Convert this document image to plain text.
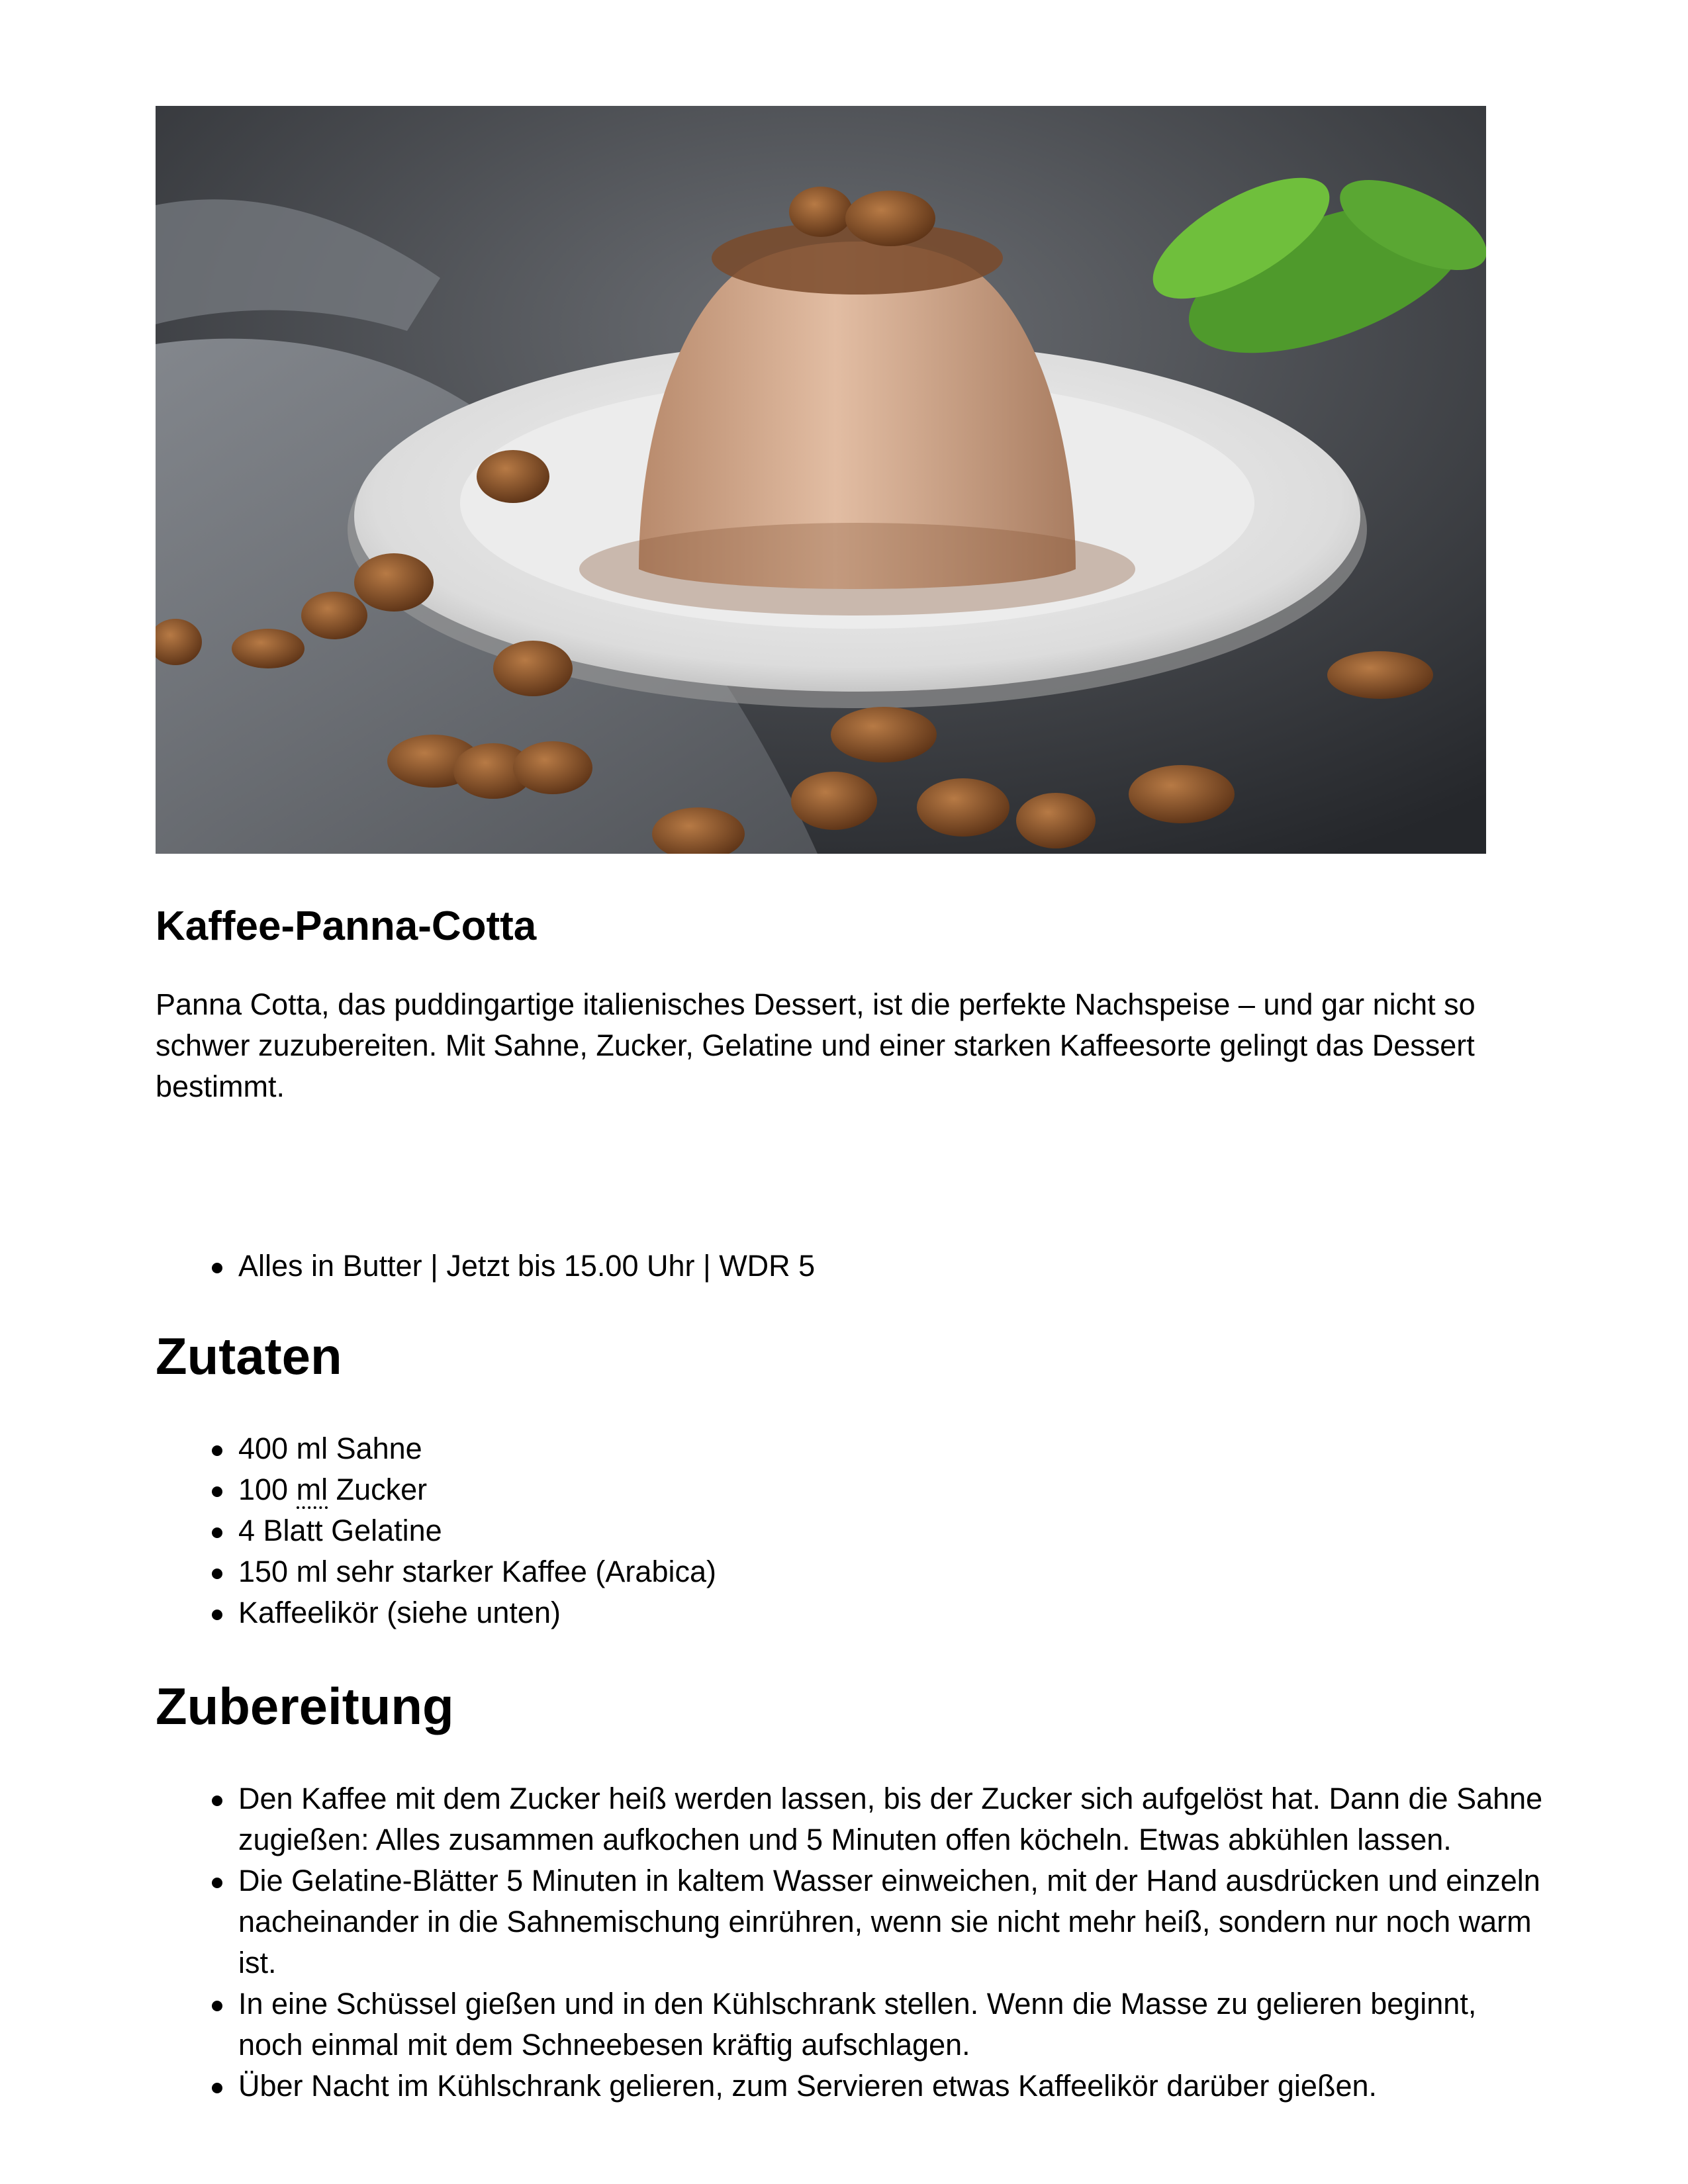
Kaffee-Panna-Cotta

Panna Cotta, das puddingartige italienisches Dessert, ist die perfekte Nachspeise – und gar nicht so schwer zuzubereiten. Mit Sahne, Zucker, Gelatine und einer starken Kaffeesorte gelingt das Dessert bestimmt.

Alles in Butter | Jetzt bis 15.00 Uhr | WDR 5
Zutaten
400 ml Sahne
100 ml Zucker
4 Blatt Gelatine
150 ml sehr starker Kaffee (Arabica)
Kaffeelikör (siehe unten)
Zubereitung
Den Kaffee mit dem Zucker heiß werden lassen, bis der Zucker sich aufgelöst hat. Dann die Sahne zugießen: Alles zusammen aufkochen und 5 Minuten offen köcheln. Etwas abkühlen lassen.
Die Gelatine-Blätter 5 Minuten in kaltem Wasser einweichen, mit der Hand ausdrücken und einzeln nacheinander in die Sahnemischung einrühren, wenn sie nicht mehr heiß, sondern nur noch warm ist.
In eine Schüssel gießen und in den Kühlschrank stellen. Wenn die Masse zu gelieren beginnt, noch einmal mit dem Schneebesen kräftig aufschlagen.
Über Nacht im Kühlschrank gelieren, zum Servieren etwas Kaffeelikör darüber gießen.
